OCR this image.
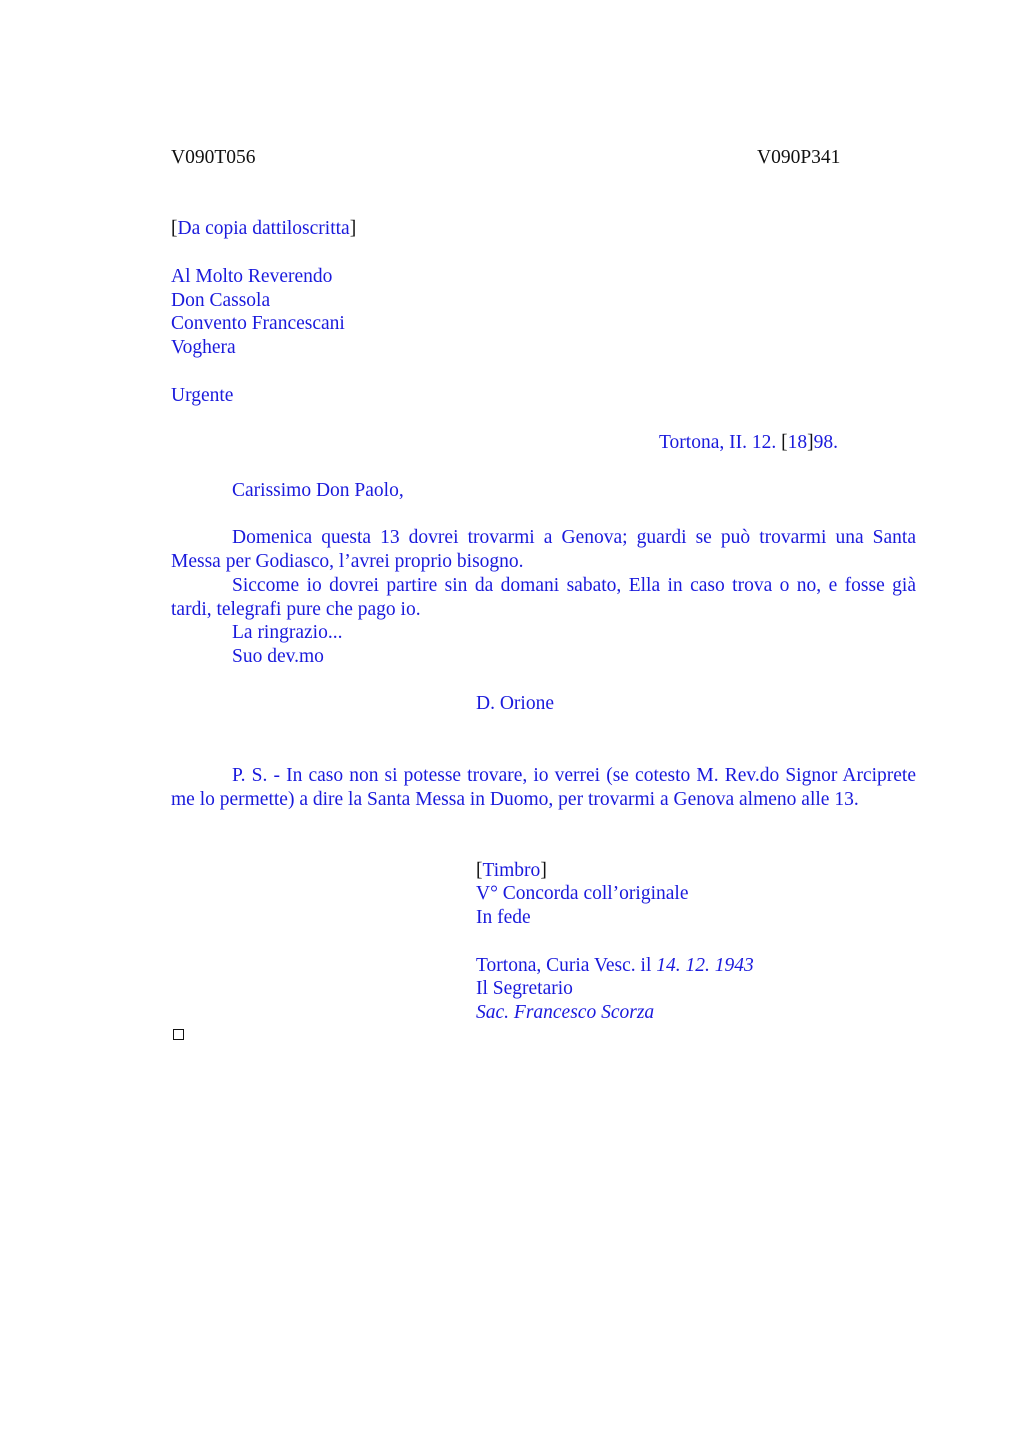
V090T056	V090P341
[Da copia dattiloscritta]
Al Molto Reverendo
Don Cassola
Convento Francescani
Voghera
Urgente
Tortona, II. 12. [18]98.
Carissimo Don Paolo,
Domenica questa 13 dovrei trovarmi a Genova; guardi se può trovarmi una Santa Messa per Godiasco, l’avrei proprio bisogno.
Siccome io dovrei partire sin da domani sabato, Ella in caso trova o no, e fosse già tardi, telegrafi pure che pago io.
La ringrazio...
Suo dev.mo
D. Orione
P. S. - In caso non si potesse trovare, io verrei (se cotesto M. Rev.do Signor Arciprete me lo permette) a dire la Santa Messa in Duomo, per trovarmi a Genova almeno alle 13.
[Timbro]
V° Concorda coll’originale
In fede
Tortona, Curia Vesc. il 14. 12. 1943
Il Segretario
Sac. Francesco Scorza
